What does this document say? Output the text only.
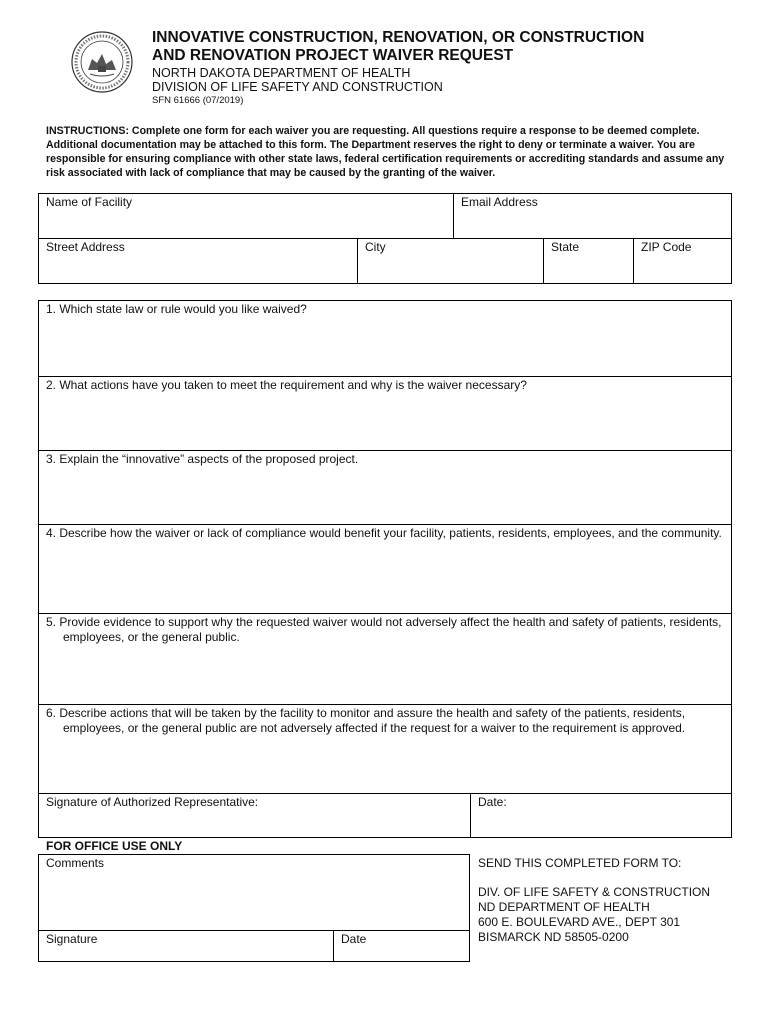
INNOVATIVE CONSTRUCTION, RENOVATION, OR CONSTRUCTION
AND RENOVATION PROJECT WAIVER REQUEST
NORTH DAKOTA DEPARTMENT OF HEALTH
DIVISION OF LIFE SAFETY AND CONSTRUCTION
SFN 61666 (07/2019)
INSTRUCTIONS: Complete one form for each waiver you are requesting. All questions require a response to be deemed complete. Additional documentation may be attached to this form. The Department reserves the right to deny or terminate a waiver. You are responsible for ensuring compliance with other state laws, federal certification requirements or accrediting standards and assume any risk associated with lack of compliance that may be caused by the granting of the waiver.
Name of Facility	Email Address
Street Address	City	State	ZIP Code
1. Which state law or rule would you like waived?
2. What actions have you taken to meet the requirement and why is the waiver necessary?
3. Explain the “innovative” aspects of the proposed project.
4. Describe how the waiver or lack of compliance would benefit your facility, patients, residents, employees, and the community.
5. Provide evidence to support why the requested waiver would not adversely affect the health and safety of patients, residents, employees, or the general public.
6. Describe actions that will be taken by the facility to monitor and assure the health and safety of the patients, residents, employees, or the general public are not adversely affected if the request for a waiver to the requirement is approved.
Signature of Authorized Representative:	Date:
FOR OFFICE USE ONLY
Comments
Signature	Date
SEND THIS COMPLETED FORM TO:
DIV. OF LIFE SAFETY & CONSTRUCTION
ND DEPARTMENT OF HEALTH
600 E. BOULEVARD AVE., DEPT 301
BISMARCK ND 58505-0200
